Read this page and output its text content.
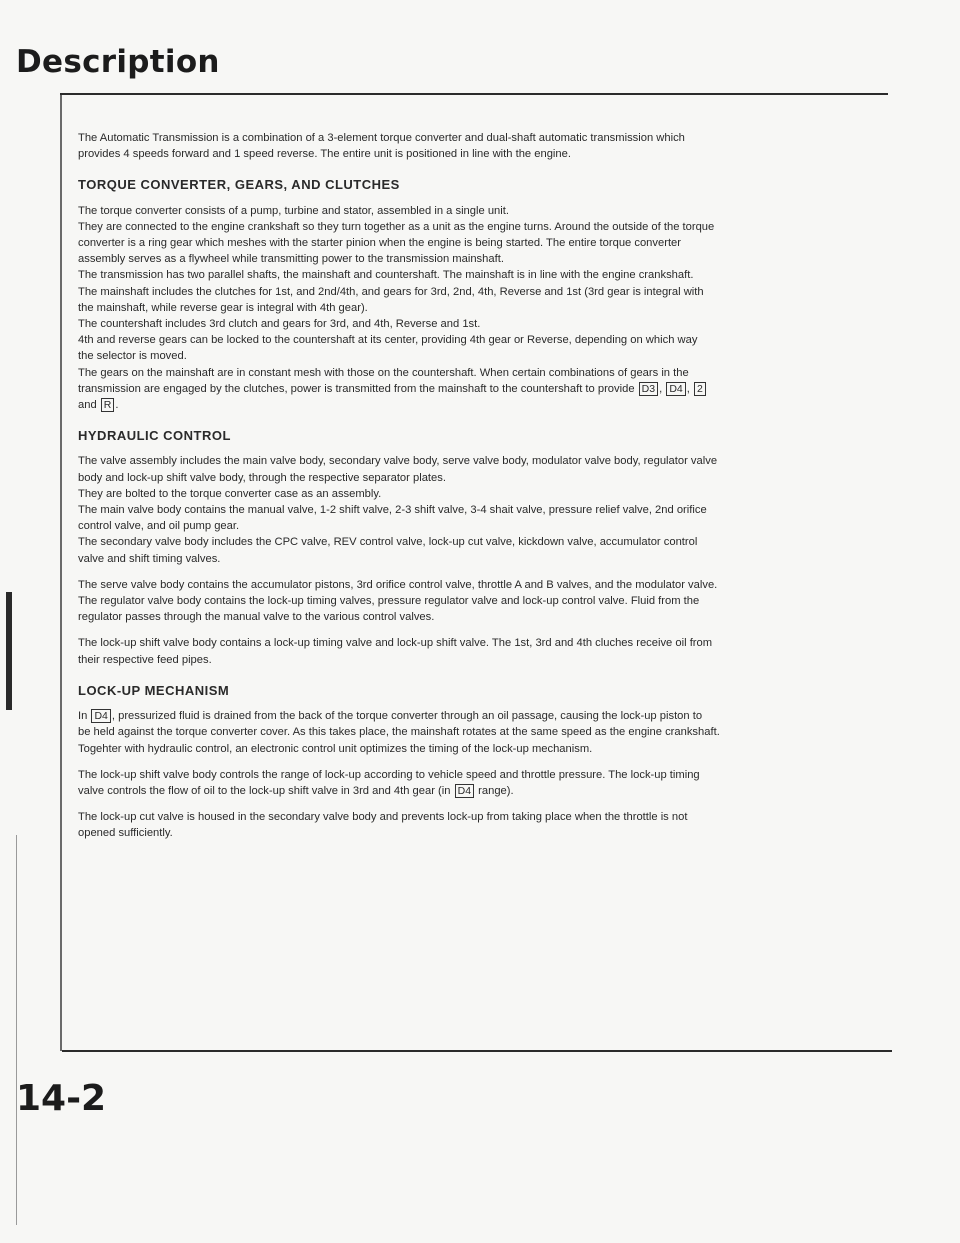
Description

The Automatic Transmission is a combination of a 3-element torque converter and dual-shaft automatic transmission which
provides 4 speeds forward and 1 speed reverse. The entire unit is positioned in line with the engine.

TORQUE CONVERTER, GEARS, AND CLUTCHES

The torque converter consists of a pump, turbine and stator, assembled in a single unit.
They are connected to the engine crankshaft so they turn together as a unit as the engine turns. Around the outside of the torque
converter is a ring gear which meshes with the starter pinion when the engine is being started. The entire torque converter
assembly serves as a flywheel while transmitting power to the transmission mainshaft.
The transmission has two parallel shafts, the mainshaft and countershaft. The mainshaft is in line with the engine crankshaft.
The mainshaft includes the clutches for 1st, and 2nd/4th, and gears for 3rd, 2nd, 4th, Reverse and 1st (3rd gear is integral with
the mainshaft, while reverse gear is integral with 4th gear).
The countershaft includes 3rd clutch and gears for 3rd, and 4th, Reverse and 1st.
4th and reverse gears can be locked to the countershaft at its center, providing 4th gear or Reverse, depending on which way
the selector is moved.
The gears on the mainshaft are in constant mesh with those on the countershaft. When certain combinations of gears in the
transmission are engaged by the clutches, power is transmitted from the mainshaft to the countershaft to provide D3 , D4 , 2
and R .

HYDRAULIC CONTROL

The valve assembly includes the main valve body, secondary valve body, serve valve body, modulator valve body, regulator valve
body and lock-up shift valve body, through the respective separator plates.
They are bolted to the torque converter case as an assembly.
The main valve body contains the manual valve, 1-2 shift valve, 2-3 shift valve, 3-4 shait valve, pressure relief valve, 2nd orifice
control valve, and oil pump gear.
The secondary valve body includes the CPC valve, REV control valve, lock-up cut valve, kickdown valve, accumulator control
valve and shift timing valves.

The serve valve body contains the accumulator pistons, 3rd orifice control valve, throttle A and B valves, and the modulator valve.
The regulator valve body contains the lock-up timing valves, pressure regulator valve and lock-up control valve. Fluid from the
regulator passes through the manual valve to the various control valves.

The lock-up shift valve body contains a lock-up timing valve and lock-up shift valve. The 1st, 3rd and 4th cluches receive oil from
their respective feed pipes.

LOCK-UP MECHANISM

In D4 , pressurized fluid is drained from the back of the torque converter through an oil passage, causing the lock-up piston to
be held against the torque converter cover. As this takes place, the mainshaft rotates at the same speed as the engine crankshaft.
Togehter with hydraulic control, an electronic control unit optimizes the timing of the lock-up mechanism.

The lock-up shift valve body controls the range of lock-up according to vehicle speed and throttle pressure. The lock-up timing
valve controls the flow of oil to the lock-up shift valve in 3rd and 4th gear (in D4 range).

The lock-up cut valve is housed in the secondary valve body and prevents lock-up from taking place when the throttle is not
opened sufficiently.

14-2
